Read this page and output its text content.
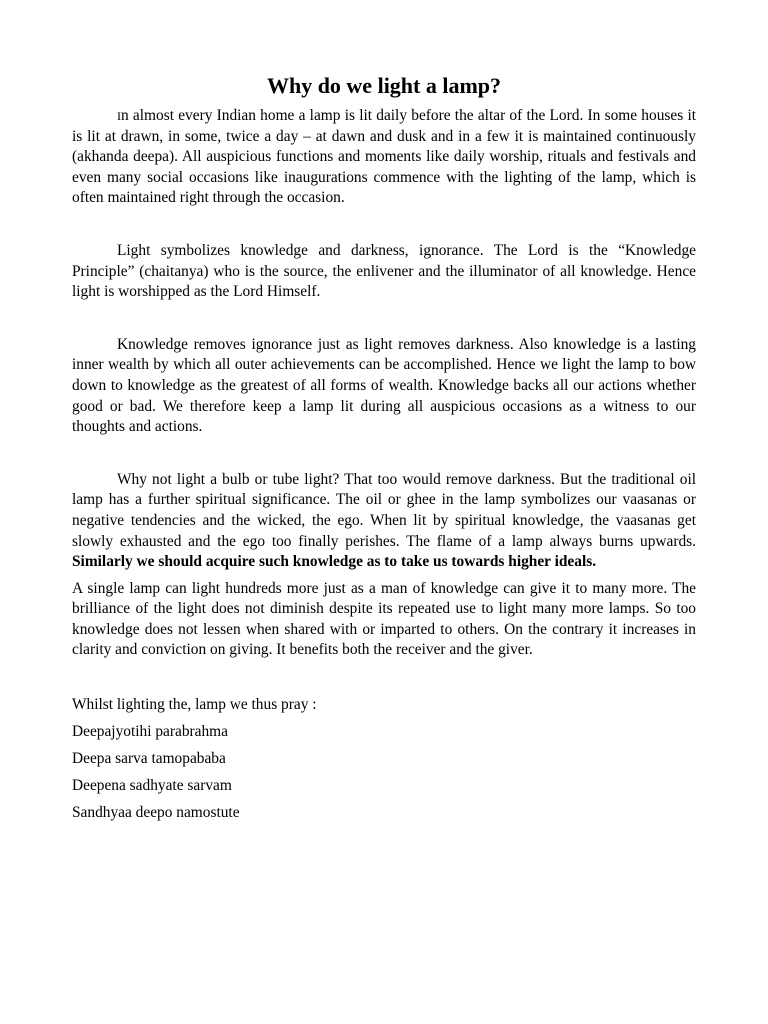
Why do we light a lamp?

In almost every Indian home a lamp is lit daily before the altar of the Lord. In some houses it is lit at drawn, in some, twice a day – at dawn and dusk and in a few it is maintained continuously (akhanda deepa). All auspicious functions and moments like daily worship, rituals and festivals and even many social occasions like inaugurations commence with the lighting of the lamp, which is often maintained right through the occasion.

Light symbolizes knowledge and darkness, ignorance. The Lord is the “Knowledge Principle” (chaitanya) who is the source, the enlivener and the illuminator of all knowledge. Hence light is worshipped as the Lord Himself.

Knowledge removes ignorance just as light removes darkness. Also knowledge is a lasting inner wealth by which all outer achievements can be accomplished. Hence we light the lamp to bow down to knowledge as the greatest of all forms of wealth. Knowledge backs all our actions whether good or bad. We therefore keep a lamp lit during all auspicious occasions as a witness to our thoughts and actions.

Why not light a bulb or tube light? That too would remove darkness. But the traditional oil lamp has a further spiritual significance. The oil or ghee in the lamp symbolizes our vaasanas or negative tendencies and the wicked, the ego. When lit by spiritual knowledge, the vaasanas get slowly exhausted and the ego too finally perishes. The flame of a lamp always burns upwards. Similarly we should acquire such knowledge as to take us towards higher ideals.

A single lamp can light hundreds more just as a man of knowledge can give it to many more. The brilliance of the light does not diminish despite its repeated use to light many more lamps. So too knowledge does not lessen when shared with or imparted to others. On the contrary it increases in clarity and conviction on giving. It benefits both the receiver and the giver.

Whilst lighting the, lamp we thus pray :
Deepajyotihi parabrahma
Deepa sarva tamopababa
Deepena sadhyate sarvam
Sandhyaa deepo namostute
